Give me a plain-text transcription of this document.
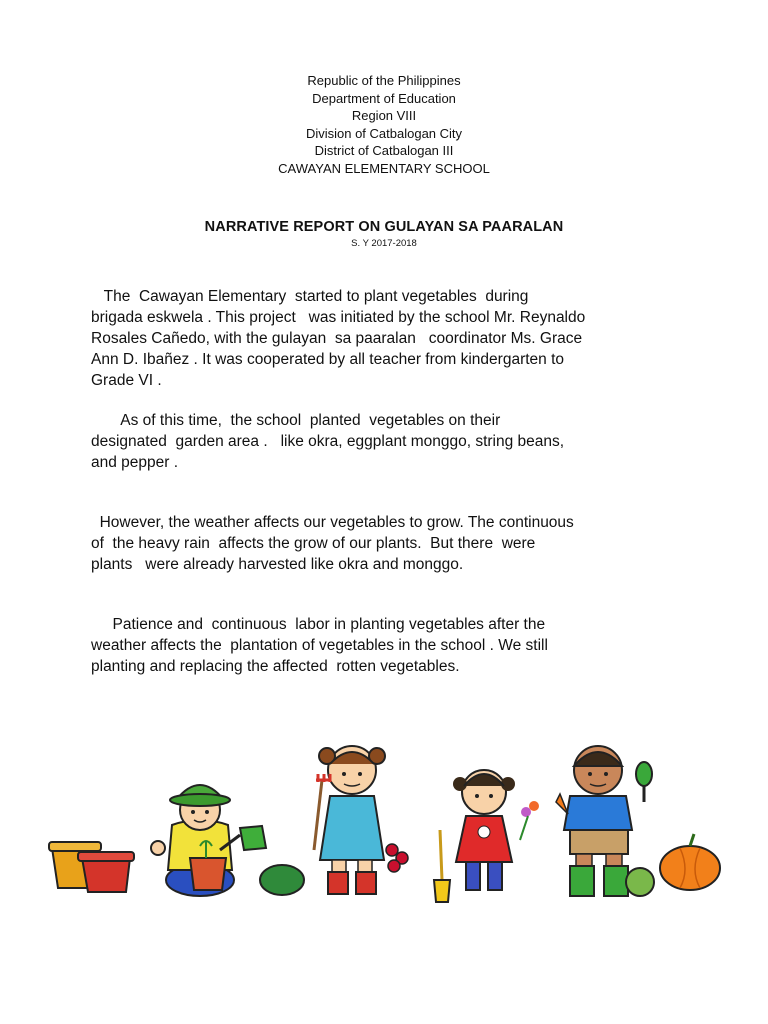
Republic of the Philippines
Department of Education
Region VIII
Division of Catbalogan City
District of Catbalogan III
CAWAYAN ELEMENTARY SCHOOL
NARRATIVE REPORT ON GULAYAN SA PAARALAN
S. Y 2017-2018
The  Cawayan Elementary  started to plant vegetables  during
brigada eskwela . This project   was initiated by the school Mr. Reynaldo
Rosales Cañedo, with the gulayan  sa paaralan   coordinator Ms. Grace
Ann D. Ibañez . It was cooperated by all teacher from kindergarten to
Grade VI .
As of this time,  the school  planted  vegetables on their
designated  garden area .   like okra, eggplant monggo, string beans,
and pepper .
However, the weather affects our vegetables to grow. The continuous
of  the heavy rain  affects the grow of our plants.  But there  were
plants   were already harvested like okra and monggo.
Patience and  continuous  labor in planting vegetables after the
weather affects the  plantation of vegetables in the school . We still
planting and replacing the affected  rotten vegetables.
